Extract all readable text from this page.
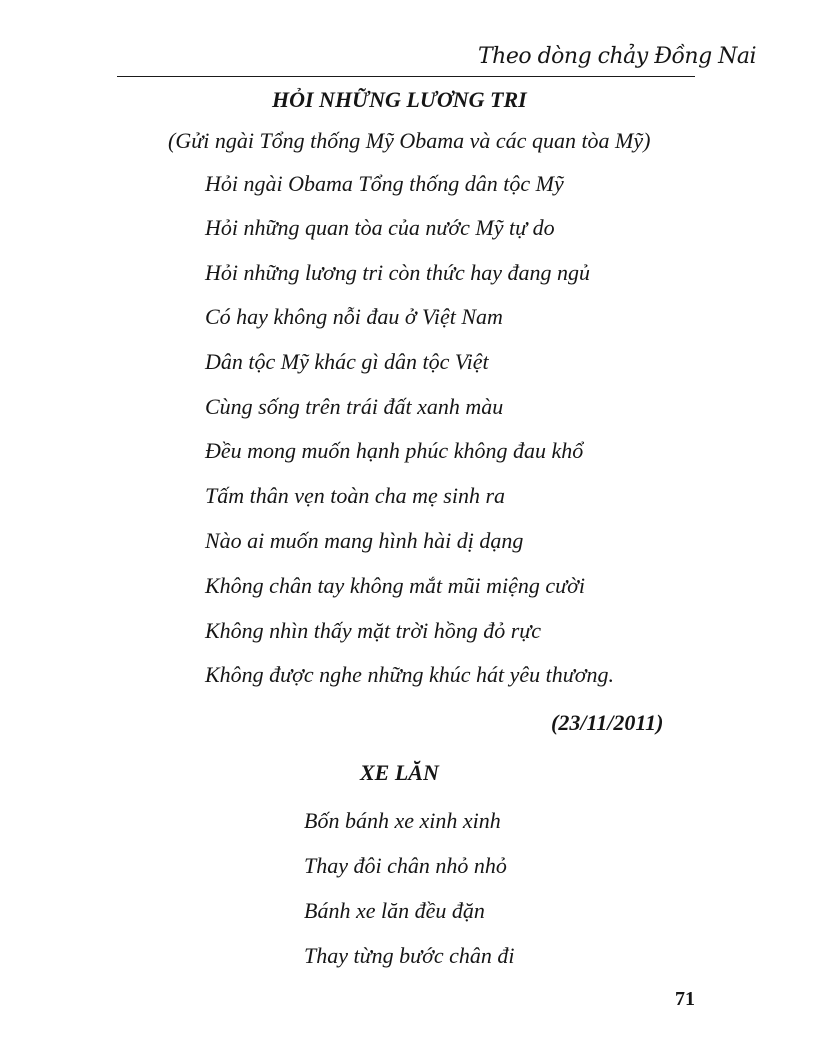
Theo dòng chảy Đồng Nai
HỎI NHỮNG LƯƠNG TRI
(Gửi ngài Tổng thống Mỹ Obama và các quan tòa Mỹ)
Hỏi ngài Obama Tổng thống dân tộc Mỹ
Hỏi những quan tòa của nước Mỹ tự do
Hỏi những lương tri còn thức hay đang ngủ
Có hay không nỗi đau ở Việt Nam
Dân tộc Mỹ khác gì dân tộc Việt
Cùng sống trên trái đất xanh màu
Đều mong muốn hạnh phúc không đau khổ
Tấm thân vẹn toàn cha mẹ sinh ra
Nào ai muốn mang hình hài dị dạng
Không chân tay không mắt mũi miệng cười
Không nhìn thấy mặt trời hồng đỏ rực
Không được nghe những khúc hát yêu thương.
(23/11/2011)
XE LĂN
Bốn bánh xe xinh xinh
Thay đôi chân nhỏ nhỏ
Bánh xe lăn đều đặn
Thay từng bước chân đi
71
